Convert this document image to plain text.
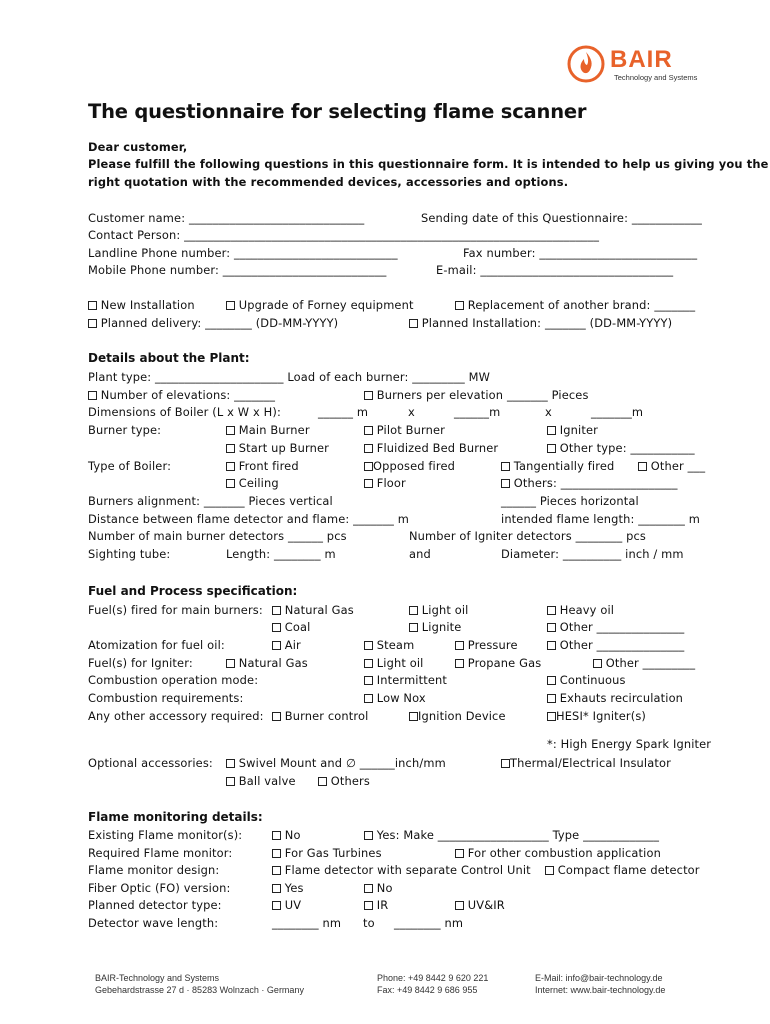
BAIR
Technology and Systems
The questionnaire for selecting flame scanner
Dear customer,
Please fulfill the following questions in this questionnaire form. It is intended to help us giving you the
right quotation with the recommended devices, accessories and options.
Customer name: ______________________________	Sending date of this Questionnaire: ____________
Contact Person: _______________________________________________________________________
Landline Phone number: ____________________________	Fax number: ___________________________
Mobile Phone number: ____________________________	E-mail: _________________________________
New Installation	Upgrade of Forney equipment	Replacement of another brand: _______
Planned delivery: ________ (DD-MM-YYYY)	Planned Installation: _______ (DD-MM-YYYY)
Details about the Plant:
Plant type: ______________________ Load of each burner: _________ MW
Number of elevations: _______	Burners per elevation _______ Pieces
Dimensions of Boiler (L x W x H):	______ m	x	______m	x	_______m
Burner type:	Main Burner	Pilot Burner	Igniter
Start up Burner	Fluidized Bed Burner	Other type: ___________
Type of Boiler:	Front fired	Opposed fired	Tangentially fired	Other ___
Ceiling	Floor	Others: ____________________
Burners alignment: _______ Pieces vertical	______ Pieces horizontal
Distance between flame detector and flame: _______ m	intended flame length: ________ m
Number of main burner detectors ______ pcs	Number of Igniter detectors ________ pcs
Sighting tube:	Length: ________ m	and	Diameter: __________ inch / mm
Fuel and Process specification:
Fuel(s) fired for main burners:	Natural Gas	Light oil	Heavy oil
Coal	Lignite	Other _______________
Atomization for fuel oil:	Air	Steam	Pressure	Other _______________
Fuel(s) for Igniter:	Natural Gas	Light oil	Propane Gas	Other _________
Combustion operation mode:	Intermittent	Continuous
Combustion requirements:	Low Nox	Exhauts recirculation
Any other accessory required:	Burner control	Ignition Device	HESI* Igniter(s)
*: High Energy Spark Igniter
Optional accessories:	Swivel Mount and ∅ ______inch/mm	Thermal/Electrical Insulator
Ball valve	Others
Flame monitoring details:
Existing Flame monitor(s):	No	Yes: Make ___________________ Type _____________
Required Flame monitor:	For Gas Turbines	For other combustion application
Flame monitor design:	Flame detector with separate Control Unit	Compact flame detector
Fiber Optic (FO) version:	Yes	No
Planned detector type:	UV	IR	UV&IR
Detector wave length:	________ nm to ________ nm
BAIR-Technology and Systems
Gebehardstrasse 27 d · 85283 Wolnzach · Germany
Phone: +49 8442 9 620 221
Fax: +49 8442 9 686 955
E-Mail: info@bair-technology.de
Internet: www.bair-technology.de
